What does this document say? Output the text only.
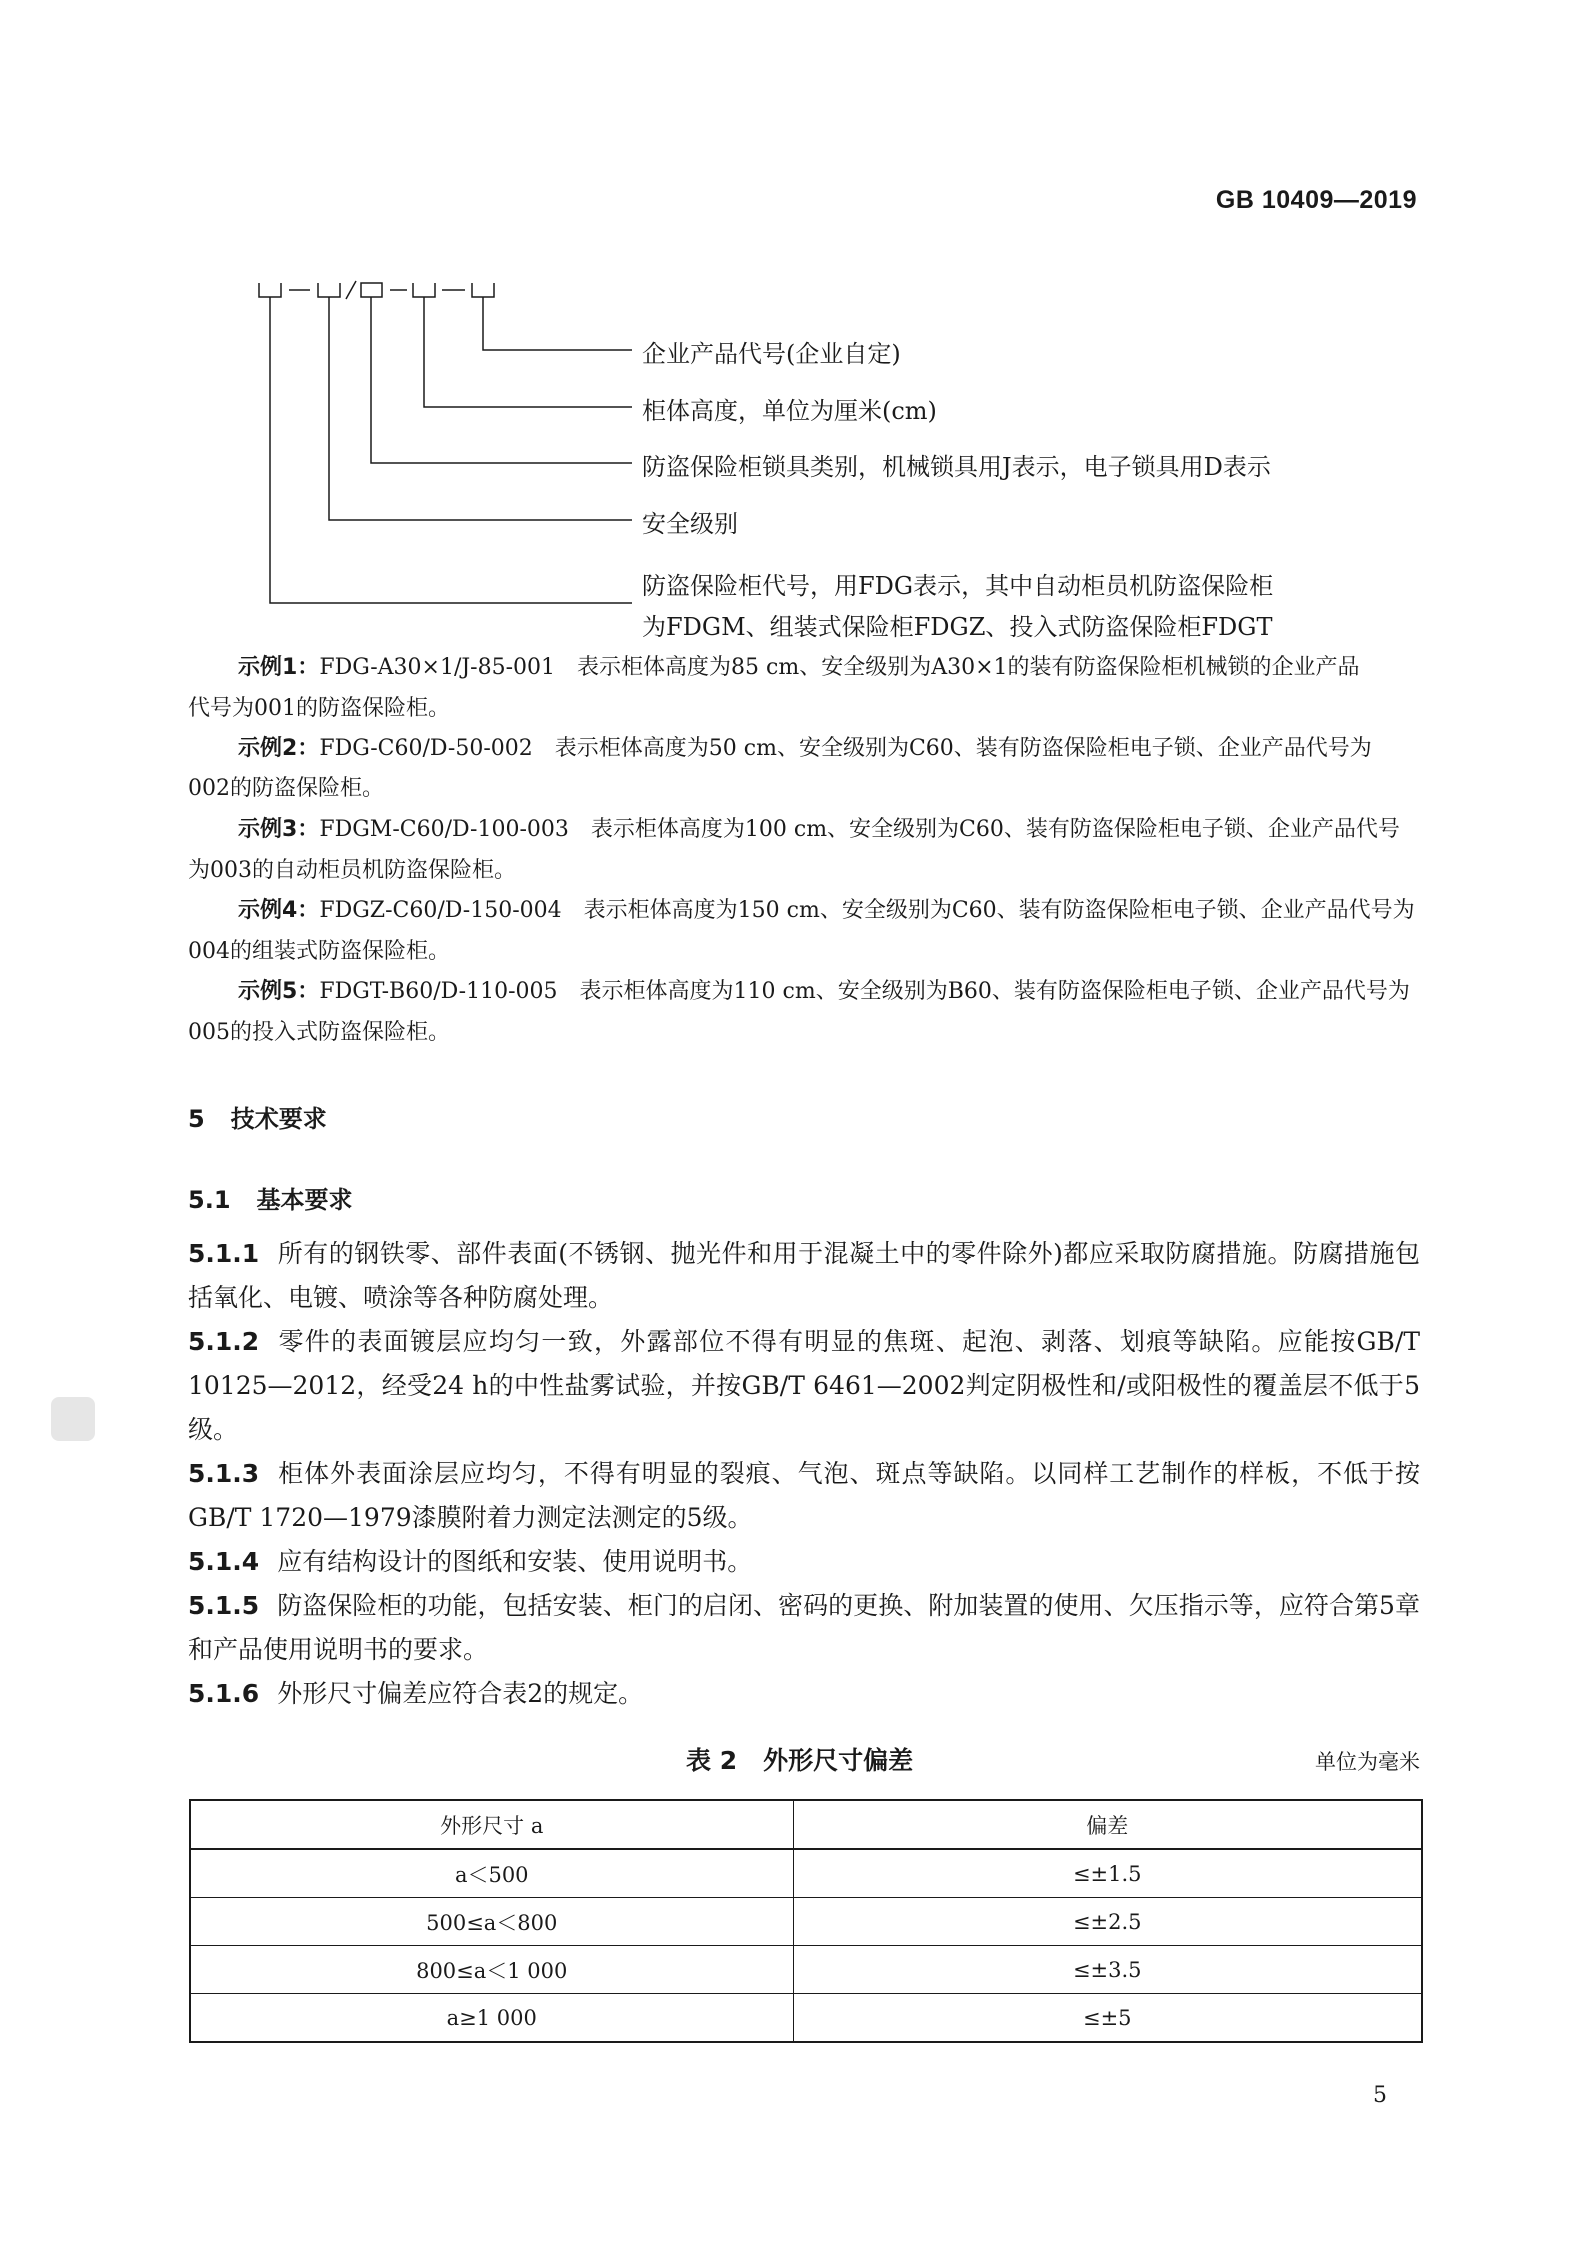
GB 10409—2019
企业产品代号(企业自定)
柜体高度，单位为厘米(cm)
防盗保险柜锁具类别，机械锁具用J表示，电子锁具用D表示
安全级别
防盗保险柜代号，用FDG表示，其中自动柜员机防盗保险柜
为FDGM、组装式保险柜FDGZ、投入式防盗保险柜FDGT
示例1：FDG-A30×1/J-85-001 表示柜体高度为85 cm、安全级别为A30×1的装有防盗保险柜机械锁的企业产品
代号为001的防盗保险柜。
示例2：FDG-C60/D-50-002 表示柜体高度为50 cm、安全级别为C60、装有防盗保险柜电子锁、企业产品代号为
002的防盗保险柜。
示例3：FDGM-C60/D-100-003 表示柜体高度为100 cm、安全级别为C60、装有防盗保险柜电子锁、企业产品代号
为003的自动柜员机防盗保险柜。
示例4：FDGZ-C60/D-150-004 表示柜体高度为150 cm、安全级别为C60、装有防盗保险柜电子锁、企业产品代号为
004的组装式防盗保险柜。
示例5：FDGT-B60/D-110-005 表示柜体高度为110 cm、安全级别为B60、装有防盗保险柜电子锁、企业产品代号为
005的投入式防盗保险柜。
5 技术要求
5.1 基本要求
5.1.1 所有的钢铁零、部件表面(不锈钢、抛光件和用于混凝土中的零件除外)都应采取防腐措施。防腐措施包括氧化、电镀、喷涂等各种防腐处理。
5.1.2 零件的表面镀层应均匀一致，外露部位不得有明显的焦斑、起泡、剥落、划痕等缺陷。应能按GB/T 10125—2012，经受24 h的中性盐雾试验，并按GB/T 6461—2002判定阴极性和/或阳极性的覆盖层不低于5级。
5.1.3 柜体外表面涂层应均匀，不得有明显的裂痕、气泡、斑点等缺陷。以同样工艺制作的样板，不低于按GB/T 1720—1979漆膜附着力测定法测定的5级。
5.1.4 应有结构设计的图纸和安装、使用说明书。
5.1.5 防盗保险柜的功能，包括安装、柜门的启闭、密码的更换、附加装置的使用、欠压指示等，应符合第5章和产品使用说明书的要求。
5.1.6 外形尺寸偏差应符合表2的规定。
表 2 外形尺寸偏差	单位为毫米
外形尺寸 a	偏差
a＜500	≤±1.5
500≤a＜800	≤±2.5
800≤a＜1 000	≤±3.5
a≥1 000	≤±5
5
